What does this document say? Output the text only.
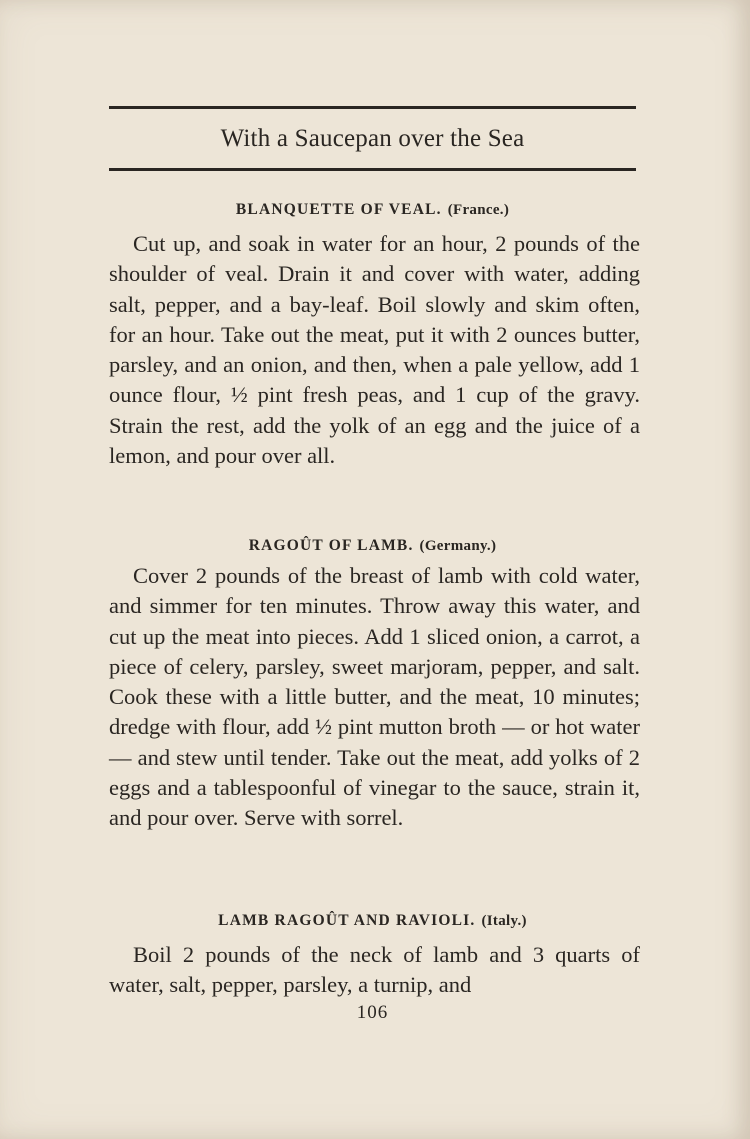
With a Saucepan over the Sea
BLANQUETTE OF VEAL. (France.)

Cut up, and soak in water for an hour, 2 pounds of the shoulder of veal. Drain it and cover with water, adding salt, pepper, and a bay-leaf. Boil slowly and skim often, for an hour. Take out the meat, put it with 2 ounces butter, parsley, and an onion, and then, when a pale yellow, add 1 ounce flour, ½ pint fresh peas, and 1 cup of the gravy. Strain the rest, add the yolk of an egg and the juice of a lemon, and pour over all.

RAGOÛT OF LAMB. (Germany.)

Cover 2 pounds of the breast of lamb with cold water, and simmer for ten minutes. Throw away this water, and cut up the meat into pieces. Add 1 sliced onion, a carrot, a piece of celery, parsley, sweet marjoram, pepper, and salt. Cook these with a little butter, and the meat, 10 minutes; dredge with flour, add ½ pint mutton broth — or hot water — and stew until tender. Take out the meat, add yolks of 2 eggs and a tablespoonful of vinegar to the sauce, strain it, and pour over. Serve with sorrel.

LAMB RAGOÛT AND RAVIOLI. (Italy.)

Boil 2 pounds of the neck of lamb and 3 quarts of water, salt, pepper, parsley, a turnip, and

106
